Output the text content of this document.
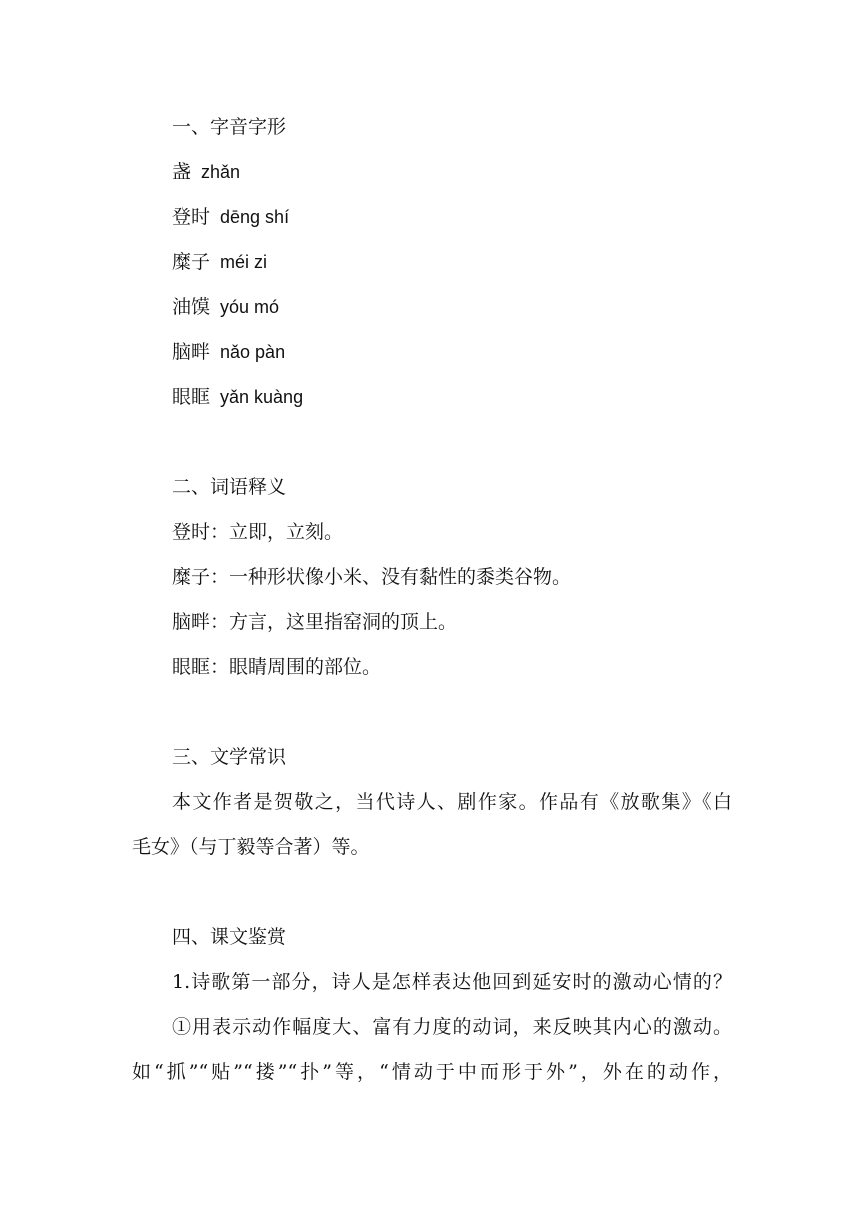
一、字音字形
盏 zhǎn
登时 dēng shí
糜子 méi zi
油馍 yóu mó
脑畔 nǎo pàn
眼眶 yǎn kuàng
二、词语释义
登时：立即，立刻。
糜子：一种形状像小米、没有黏性的黍类谷物。
脑畔：方言，这里指窑洞的顶上。
眼眶：眼睛周围的部位。
三、文学常识
本文作者是贺敬之，当代诗人、剧作家。作品有《放歌集》《白
毛女》（与丁毅等合著）等。
四、课文鉴赏
1.诗歌第一部分，诗人是怎样表达他回到延安时的激动心情的？
①用表示动作幅度大、富有力度的动词，来反映其内心的激动。
如“抓”“贴”“搂”“扑”等，“情动于中而形于外”，外在的动作，
